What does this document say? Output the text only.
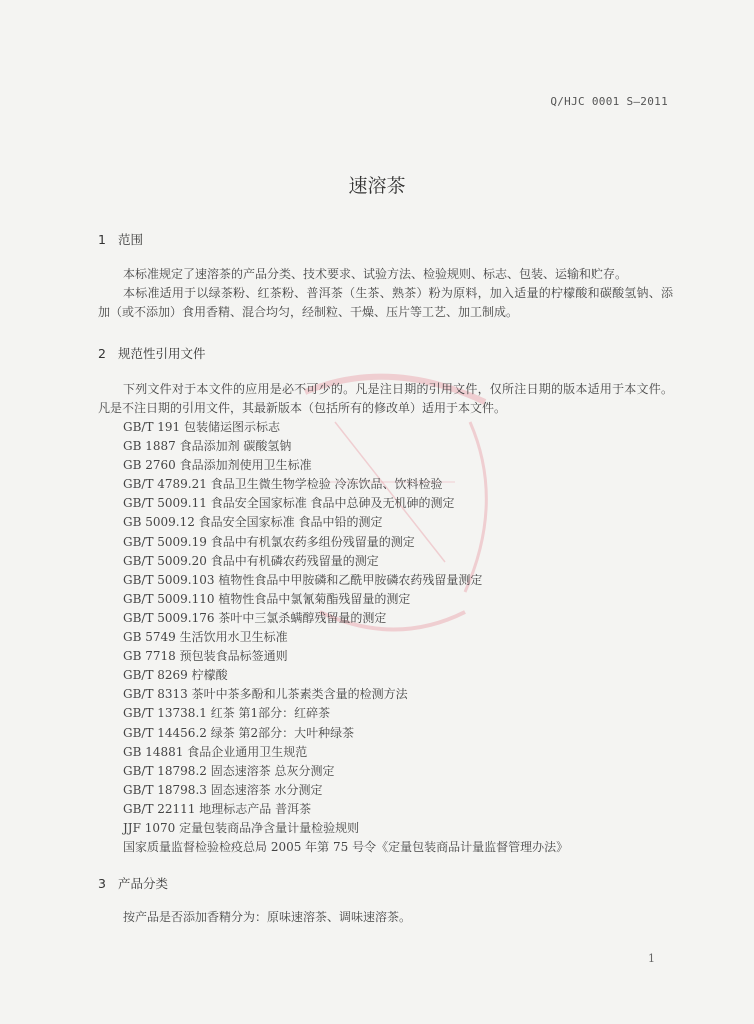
Q/HJC 0001 S—2011
速溶茶
1 范围

本标准规定了速溶茶的产品分类、技术要求、试验方法、检验规则、标志、包装、运输和贮存。

本标准适用于以绿茶粉、红茶粉、普洱茶（生茶、熟茶）粉为原料，加入适量的柠檬酸和碳酸氢钠、添加（或不添加）食用香精、混合均匀，经制粒、干燥、压片等工艺、加工制成。

2 规范性引用文件

下列文件对于本文件的应用是必不可少的。凡是注日期的引用文件，仅所注日期的版本适用于本文件。凡是不注日期的引用文件，其最新版本（包括所有的修改单）适用于本文件。

GB/T 191 包装储运图示标志
GB 1887 食品添加剂 碳酸氢钠
GB 2760 食品添加剂使用卫生标准
GB/T 4789.21 食品卫生微生物学检验 冷冻饮品、饮料检验
GB/T 5009.11 食品安全国家标准 食品中总砷及无机砷的测定
GB 5009.12 食品安全国家标准 食品中铅的测定
GB/T 5009.19 食品中有机氯农药多组份残留量的测定
GB/T 5009.20 食品中有机磷农药残留量的测定
GB/T 5009.103 植物性食品中甲胺磷和乙酰甲胺磷农药残留量测定
GB/T 5009.110 植物性食品中氯氰菊酯残留量的测定
GB/T 5009.176 茶叶中三氯杀螨醇残留量的测定
GB 5749 生活饮用水卫生标准
GB 7718 预包装食品标签通则
GB/T 8269 柠檬酸
GB/T 8313 茶叶中茶多酚和儿茶素类含量的检测方法
GB/T 13738.1 红茶 第1部分：红碎茶
GB/T 14456.2 绿茶 第2部分：大叶种绿茶
GB 14881 食品企业通用卫生规范
GB/T 18798.2 固态速溶茶 总灰分测定
GB/T 18798.3 固态速溶茶 水分测定
GB/T 22111 地理标志产品 普洱茶
JJF 1070 定量包装商品净含量计量检验规则
国家质量监督检验检疫总局 2005 年第 75 号令《定量包装商品计量监督管理办法》
3 产品分类

按产品是否添加香精分为：原味速溶茶、调味速溶茶。

1
